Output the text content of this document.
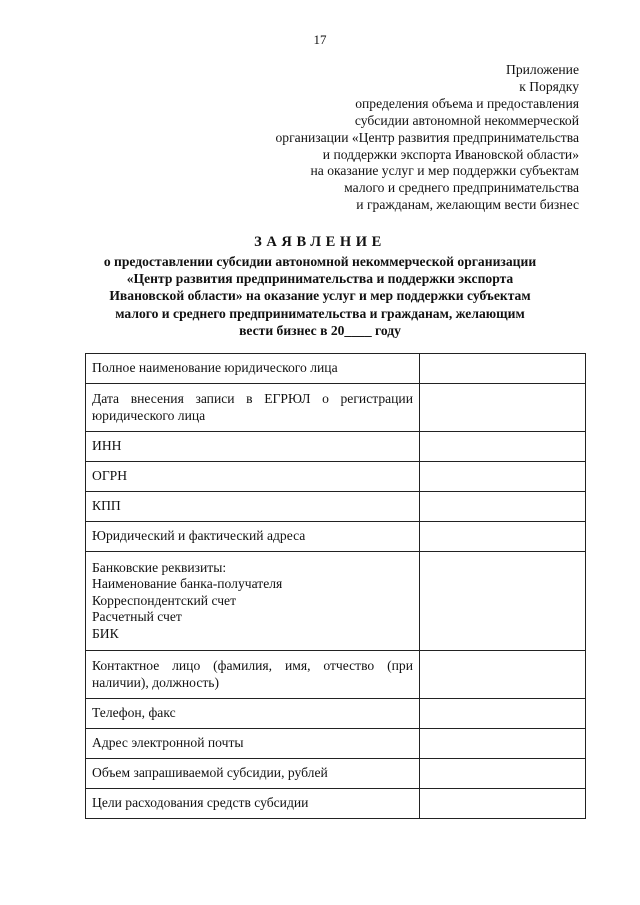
17
Приложение
к Порядку
определения объема и предоставления
субсидии автономной некоммерческой
организации «Центр развития предпринимательства
и поддержки экспорта Ивановской области»
на оказание услуг и мер поддержки субъектам
малого и среднего предпринимательства
и гражданам, желающим вести бизнес
ЗАЯВЛЕНИЕ
о предоставлении субсидии автономной некоммерческой организации
«Центр развития предпринимательства и поддержки экспорта
Ивановской области» на оказание услуг и мер поддержки субъектам
малого и среднего предпринимательства и гражданам, желающим
вести бизнес в 20____ году
Полное наименование юридического лица	
Дата внесения записи в ЕГРЮЛ о регистрации юридического лица	
ИНН	
ОГРН	
КПП	
Юридический и фактический адреса	

Банковские реквизиты:
Наименование банка-получателя
Корреспондентский счет
Расчетный счет
БИК	

Контактное лицо (фамилия, имя, отчество (при наличии), должность)	
Телефон, факс	
Адрес электронной почты	
Объем запрашиваемой субсидии, рублей	
Цели расходования средств субсидии	
